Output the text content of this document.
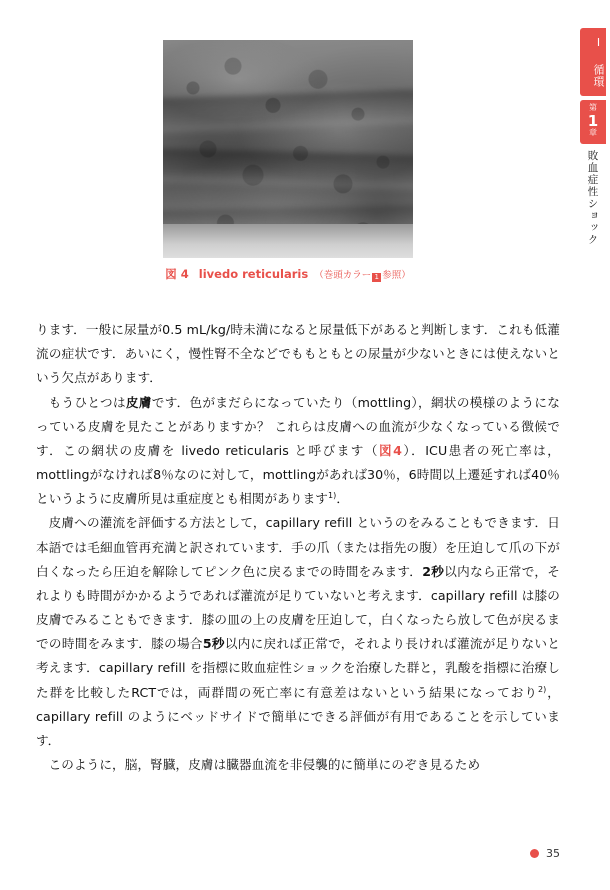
I 循環
第
1
章
敗血症性ショック
図 4 livedo reticularis （巻頭カラー 1 参照）

ります．一般に尿量が0.5 mL/kg/時未満になると尿量低下があると判断します．これも低灌流の症状です．あいにく，慢性腎不全などでももともとの尿量が少ないときには使えないという欠点があります．

もうひとつは皮膚です．色がまだらになっていたり（mottling），網状の模様のようになっている皮膚を見たことがありますか？ これらは皮膚への血流が少なくなっている徴候です．この網状の皮膚を livedo reticularis と呼びます（図4）．ICU患者の死亡率は，mottlingがなければ8％なのに対して，mottlingがあれば30％，6時間以上遷延すれば40％というように皮膚所見は重症度とも相関があります$^{1)}$．

皮膚への灌流を評価する方法として，capillary refill というのをみることもできます．日本語では毛細血管再充満と訳されています．手の爪（または指先の腹）を圧迫して爪の下が白くなったら圧迫を解除してピンク色に戻るまでの時間をみます．2秒以内なら正常で，それよりも時間がかかるようであれば灌流が足りていないと考えます．capillary refill は膝の皮膚でみることもできます．膝の皿の上の皮膚を圧迫して，白くなったら放して色が戻るまでの時間をみます．膝の場合5秒以内に戻れば正常で，それより長ければ灌流が足りないと考えます．capillary refill を指標に敗血症性ショックを治療した群と，乳酸を指標に治療した群を比較したRCTでは，両群間の死亡率に有意差はないという結果になっており$^{2)}$，capillary refill のようにベッドサイドで簡単にできる評価が有用であることを示しています．

このように，脳，腎臓，皮膚は臓器血流を非侵襲的に簡単にのぞき見るため

35
